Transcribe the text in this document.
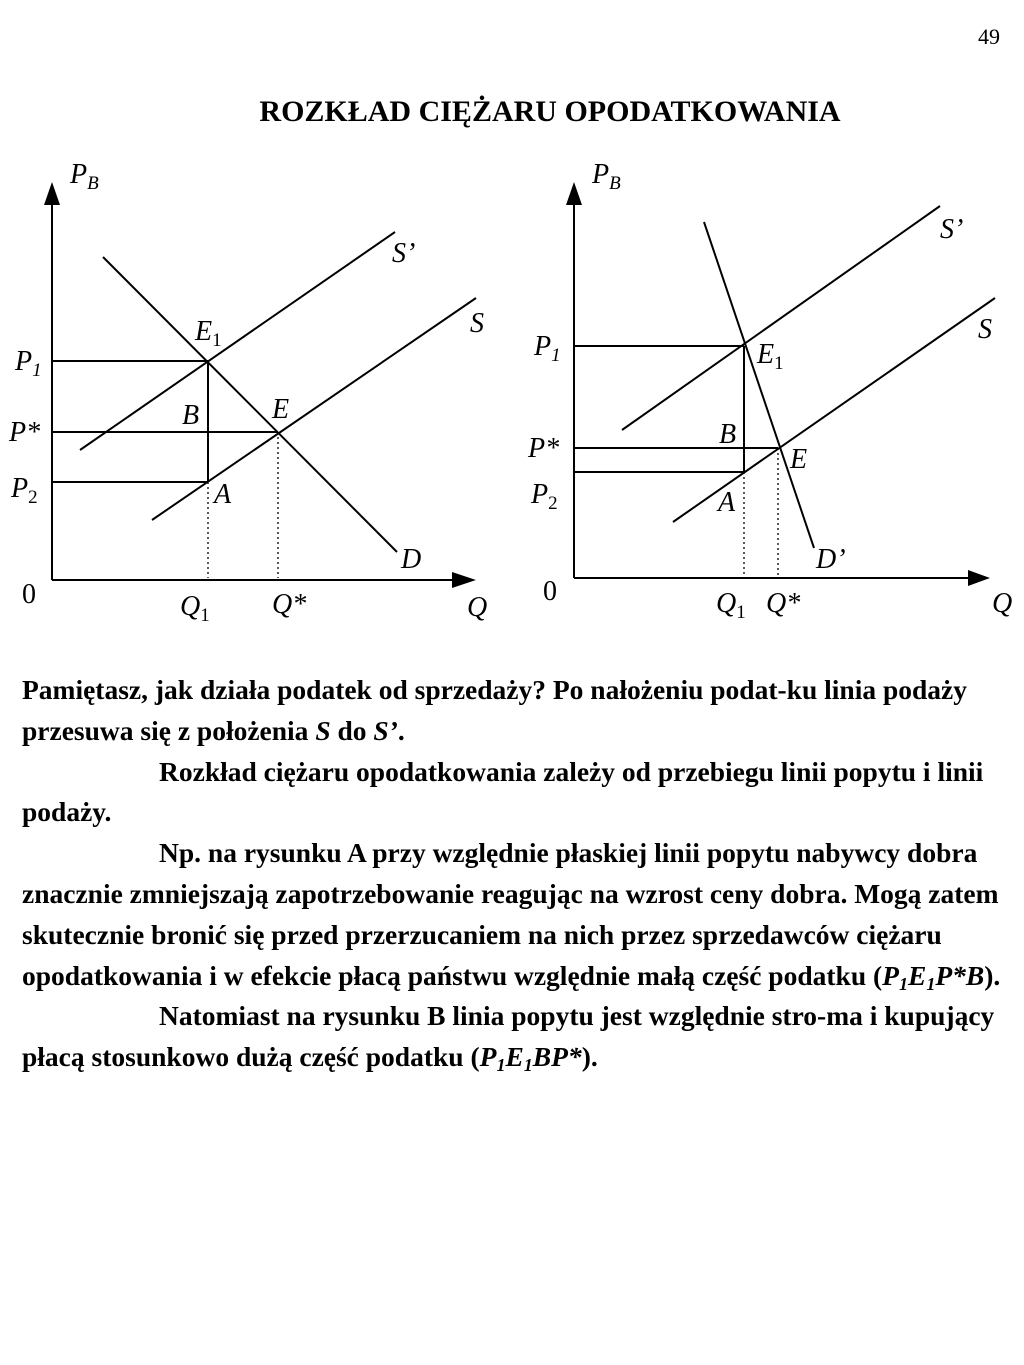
49
ROZKŁAD CIĘŻARU OPODATKOWANIA
$P_B$
Q
0
S’
S
D
$P_1$
P*
$P_2$
$Q_1$ Q*
$E_1$
E
B
A
$P_B$
Q
0
S’
S
D’
$P_1$
P*
$P_2$
$Q_1$ Q*
$E_1$
E
B
A

Pamiętasz, jak działa podatek od sprzedaży? Po nałożeniu podat-ku linia podaży przesuwa się z położenia S do S’.

Rozkład ciężaru opodatkowania zależy od przebiegu linii popytu i linii podaży.

Np. na rysunku A przy względnie płaskiej linii popytu nabywcy dobra znacznie zmniejszają zapotrzebowanie reagując na wzrost ceny dobra. Mogą zatem skutecznie bronić się przed przerzucaniem na nich przez sprzedawców ciężaru opodatkowania i w efekcie płacą państwu względnie małą część podatku (P1E1P*B).

Natomiast na rysunku B linia popytu jest względnie stro-ma i kupujący płacą stosunkowo dużą część podatku (P1E1BP*).
